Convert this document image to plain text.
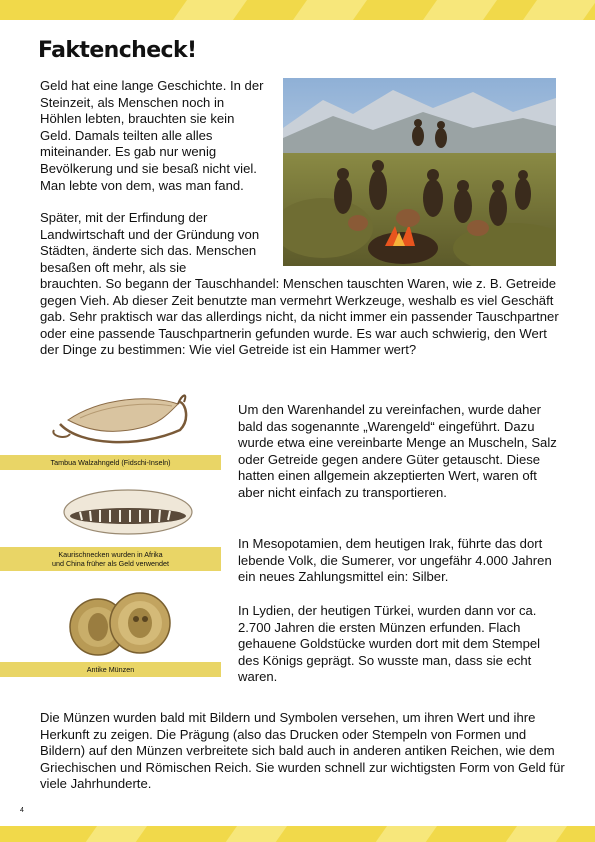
Faktencheck!

Geld hat eine lange Geschichte. In der Steinzeit, als Menschen noch in Höhlen lebten, brauchten sie kein Geld. Damals teilten alle alles miteinander. Es gab nur wenig Bevölkerung und sie besaß nicht viel. Man lebte von dem, was man fand.

Später, mit der Erfindung der Landwirtschaft und der Gründung von Städten, änderte sich das. Menschen besaßen oft mehr, als sie

brauchten. So begann der Tauschhandel: Menschen tauschten Waren, wie z. B. Getreide gegen Vieh. Ab dieser Zeit benutzte man vermehrt Werkzeuge, weshalb es viel Geschäft gab. Sehr praktisch war das allerdings nicht, da nicht immer ein passender Tauschpartner oder eine passende Tauschpartnerin gefunden wurde. Es war auch schwierig, den Wert der Dinge zu bestimmen: Wie viel Getreide ist ein Hammer wert?

Tambua Walzahngeld (Fidschi-Inseln)
Kaurischnecken wurden in Afrika
und China früher als Geld verwendet
Antike Münzen

Um den Warenhandel zu vereinfachen, wurde daher bald das sogenannte „Warengeld“ eingeführt. Dazu wurde etwa eine vereinbarte Menge an Muscheln, Salz oder Getreide gegen andere Güter getauscht. Diese hatten einen allgemein akzeptierten Wert, waren oft aber nicht einfach zu transportieren.

In Mesopotamien, dem heutigen Irak, führte das dort lebende Volk, die Sumerer, vor ungefähr 4.000 Jahren ein neues Zahlungsmittel ein: Silber.

In Lydien, der heutigen Türkei, wurden dann vor ca. 2.700 Jahren die ersten Münzen erfunden. Flach gehauene Goldstücke wurden dort mit dem Stempel des Königs geprägt. So wusste man, dass sie echt waren.

Die Münzen wurden bald mit Bildern und Symbolen versehen, um ihren Wert und ihre Herkunft zu zeigen. Die Prägung (also das Drucken oder Stempeln von Formen und Bildern) auf den Münzen verbreitete sich bald auch in anderen antiken Reichen, wie dem Griechischen und Römischen Reich. Sie wurden schnell zur wichtigsten Form von Geld für viele Jahrhunderte.

4
